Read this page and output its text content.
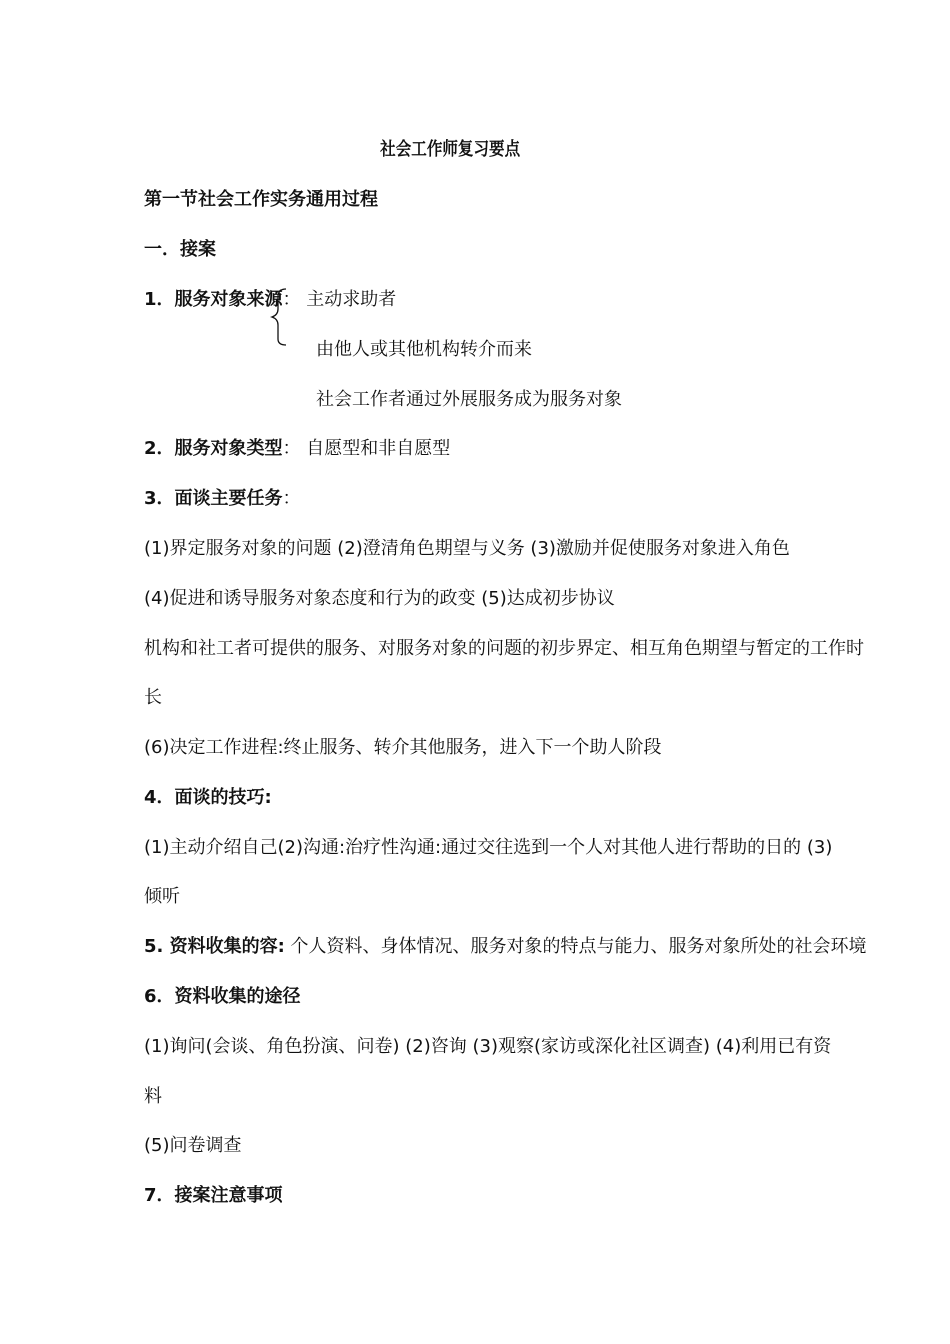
社会工作师复习要点
第一节社会工作实务通用过程
一．接案
1．服务对象来源： 主动求助者
由他人或其他机构转介而来
社会工作者通过外展服务成为服务对象
2．服务对象类型： 自愿型和非自愿型
3．面谈主要任务：
(1)界定服务对象的问题 (2)澄清角色期望与义务 (3)激励并促使服务对象进入角色
(4)促进和诱导服务对象态度和行为的政变 (5)达成初步协议
机构和社工者可提供的服务、对服务对象的问题的初步界定、相互角色期望与暂定的工作时
长
(6)决定工作进程:终止服务、转介其他服务，进入下一个助人阶段
4．面谈的技巧:
(1)主动介绍自己(2)沟通:治疗性沟通:通过交往选到一个人对其他人进行帮助的日的 (3)
倾听
5. 资料收集的容: 个人资料、身体情况、服务对象的特点与能力、服务对象所处的社会环境
6．资料收集的途径
(1)询问(会谈、角色扮演、问卷) (2)咨询 (3)观察(家访或深化社区调查) (4)利用已有资
料
(5)问卷调查
7．接案注意事项
